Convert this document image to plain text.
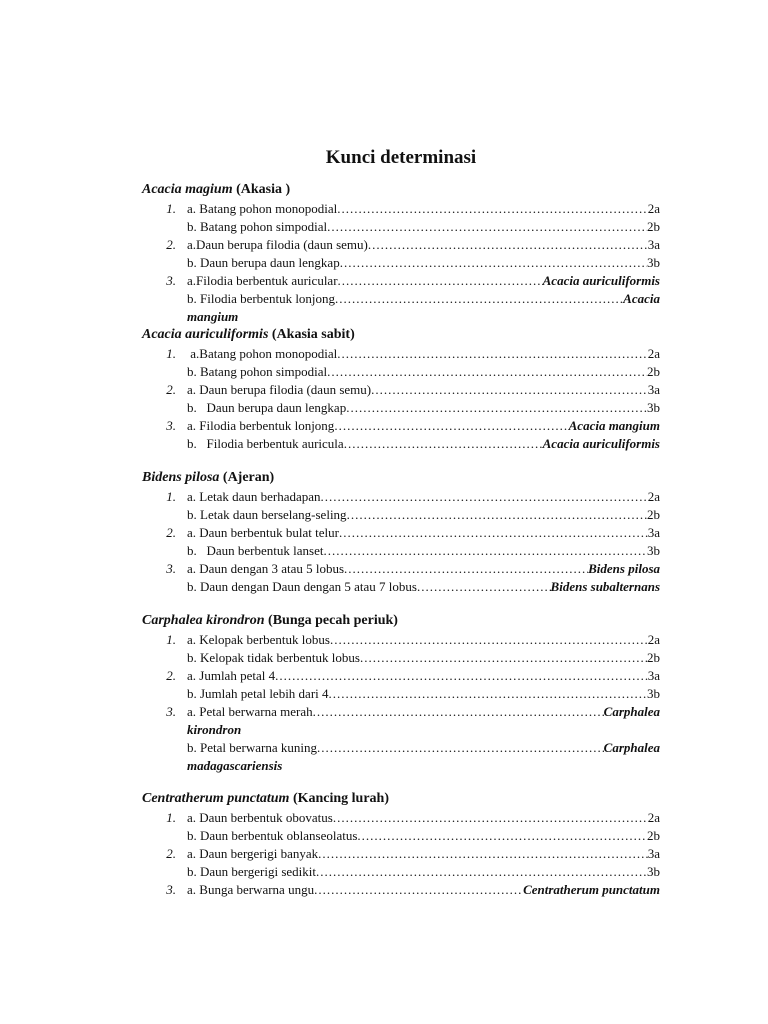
Kunci determinasi
Acacia magium (Akasia )
1. a. Batang pohon monopodial .....	2a
b. Batang pohon simpodial .....	2b
2. a.Daun berupa filodia (daun semu) .....	3a
b. Daun berupa daun lengkap .....	3b
3. a.Filodia berbentuk auricular .....	Acacia auriculiformis
b. Filodia berbentuk lonjong .....	Acacia
mangium
Acacia auriculiformis (Akasia sabit)
1. a.Batang pohon monopodial .....	2a
b. Batang pohon simpodial .....	2b
2. a. Daun berupa filodia (daun semu) .....	3a
b.   Daun berupa daun lengkap .....	3b
3. a. Filodia berbentuk lonjong .....	Acacia mangium
b.   Filodia berbentuk auricula .....	Acacia auriculiformis
Bidens pilosa (Ajeran)
1. a. Letak daun berhadapan .....	2a
b. Letak daun berselang-seling .....	2b
2. a. Daun berbentuk bulat telur .....	3a
b.   Daun berbentuk lanset .....	3b
3. a. Daun dengan 3 atau 5 lobus .....	Bidens pilosa
b. Daun dengan Daun dengan 5 atau 7 lobus .....	Bidens subalternans
Carphalea kirondron (Bunga pecah periuk)
1. a. Kelopak berbentuk lobus .....	2a
b. Kelopak tidak berbentuk lobus .....	2b
2. a. Jumlah petal 4 .....	3a
b. Jumlah petal lebih dari 4 .....	3b
3. a. Petal berwarna merah .....	Carphalea
kirondron
b. Petal berwarna kuning .....	Carphalea
madagascariensis
Centratherum punctatum (Kancing lurah)
1. a. Daun berbentuk obovatus .....	2a
b. Daun berbentuk oblanseolatus .....	2b
2. a. Daun bergerigi banyak .....	3a
b. Daun bergerigi sedikit .....	3b
3. a. Bunga berwarna ungu .....	Centratherum punctatum
